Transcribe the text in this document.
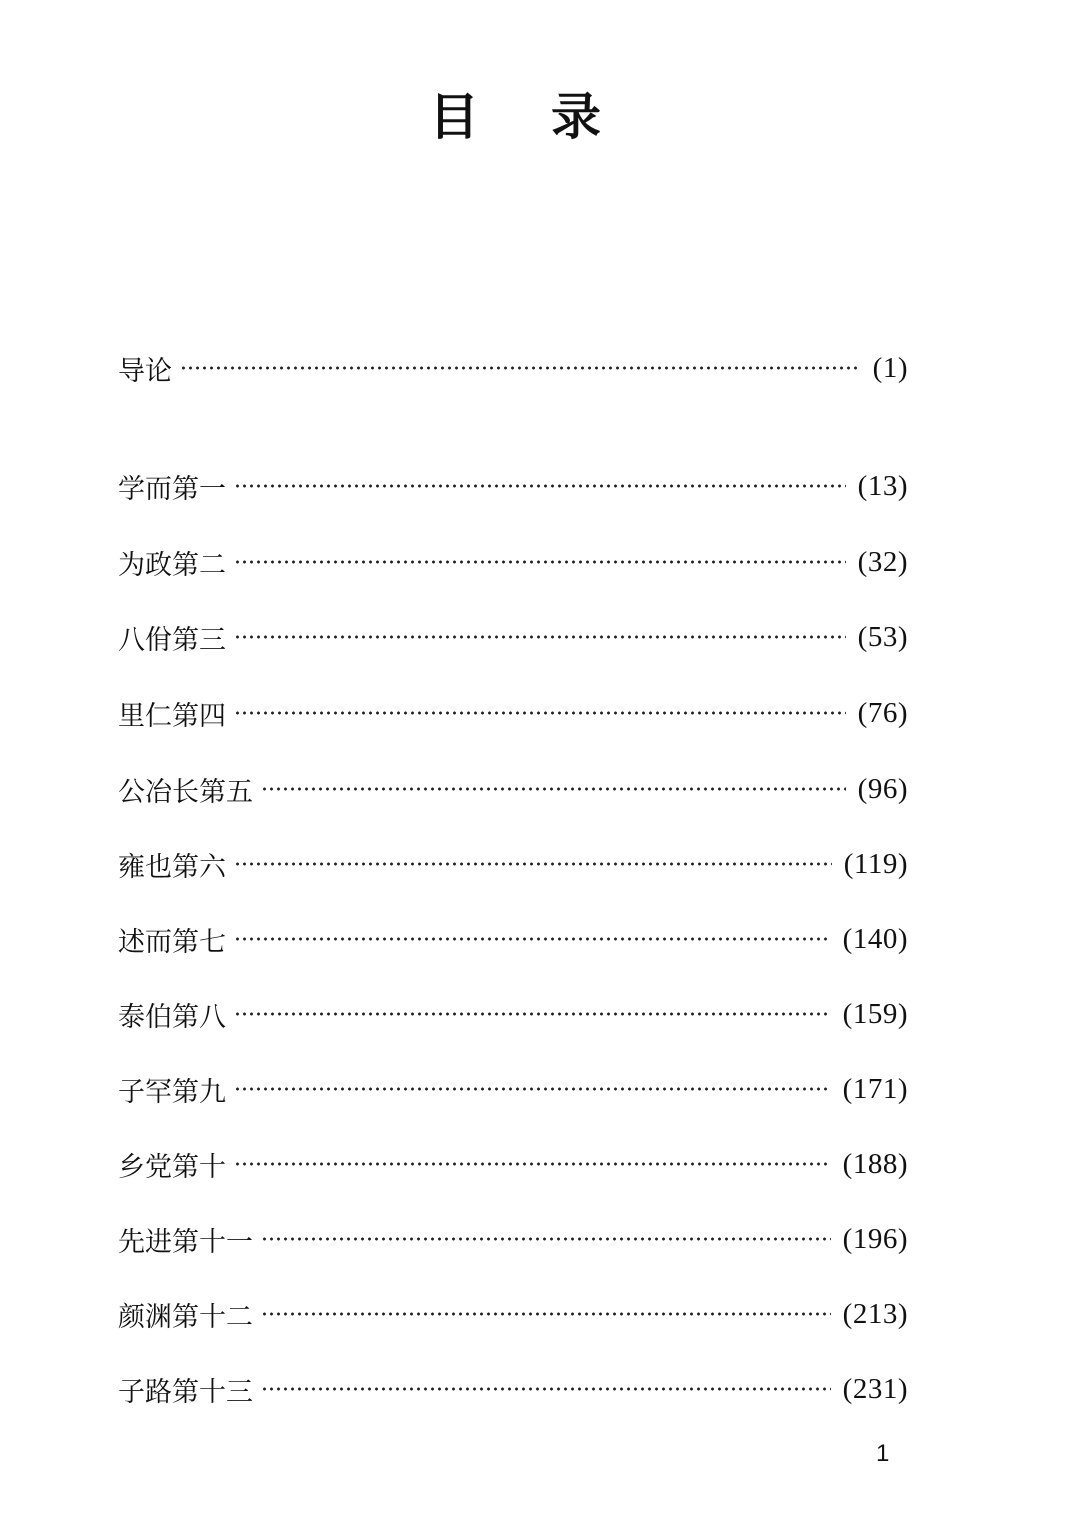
目 录
导论	(1)
学而第一	(13)
为政第二	(32)
八佾第三	(53)
里仁第四	(76)
公冶长第五	(96)
雍也第六	(119)
述而第七	(140)
泰伯第八	(159)
子罕第九	(171)
乡党第十	(188)
先进第十一	(196)
颜渊第十二	(213)
子路第十三	(231)
1
